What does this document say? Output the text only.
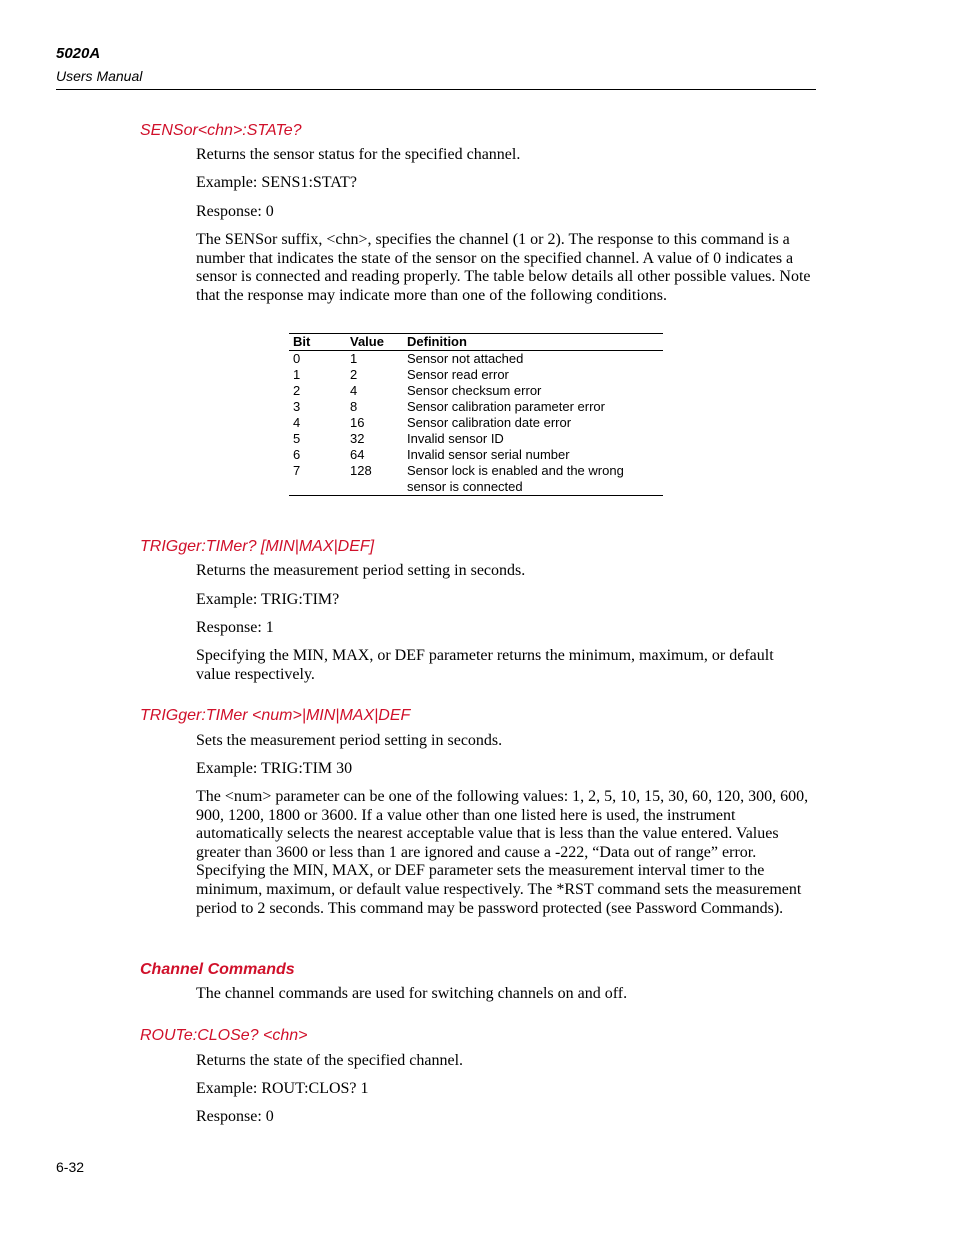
5020A
Users Manual
SENSor<chn>:STATe?
Returns the sensor status for the specified channel.
Example: SENS1:STAT?
Response: 0
The SENSor suffix, <chn>, specifies the channel (1 or 2). The response to this command is a number that indicates the state of the sensor on the specified channel. A value of 0 indicates a sensor is connected and reading properly. The table below details all other possible values. Note that the response may indicate more than one of the following conditions.
Bit	Value	Definition
0	1	Sensor not attached
1	2	Sensor read error
2	4	Sensor checksum error
3	8	Sensor calibration parameter error
4	16	Sensor calibration date error
5	32	Invalid sensor ID
6	64	Invalid sensor serial number
7	128	Sensor lock is enabled and the wrong sensor is connected
TRIGger:TIMer? [MIN|MAX|DEF]
Returns the measurement period setting in seconds.
Example: TRIG:TIM?
Response: 1
Specifying the MIN, MAX, or DEF parameter returns the minimum, maximum, or default value respectively.
TRIGger:TIMer <num>|MIN|MAX|DEF
Sets the measurement period setting in seconds.
Example: TRIG:TIM 30
The <num> parameter can be one of the following values: 1, 2, 5, 10, 15, 30, 60, 120, 300, 600, 900, 1200, 1800 or 3600. If a value other than one listed here is used, the instrument automatically selects the nearest acceptable value that is less than the value entered. Values greater than 3600 or less than 1 are ignored and cause a -222, “Data out of range” error. Specifying the MIN, MAX, or DEF parameter sets the measurement interval timer to the minimum, maximum, or default value respectively. The *RST command sets the measurement period to 2 seconds. This command may be password protected (see Password Commands).
Channel Commands
The channel commands are used for switching channels on and off.
ROUTe:CLOSe? <chn>
Returns the state of the specified channel.
Example: ROUT:CLOS? 1
Response: 0
6-32
